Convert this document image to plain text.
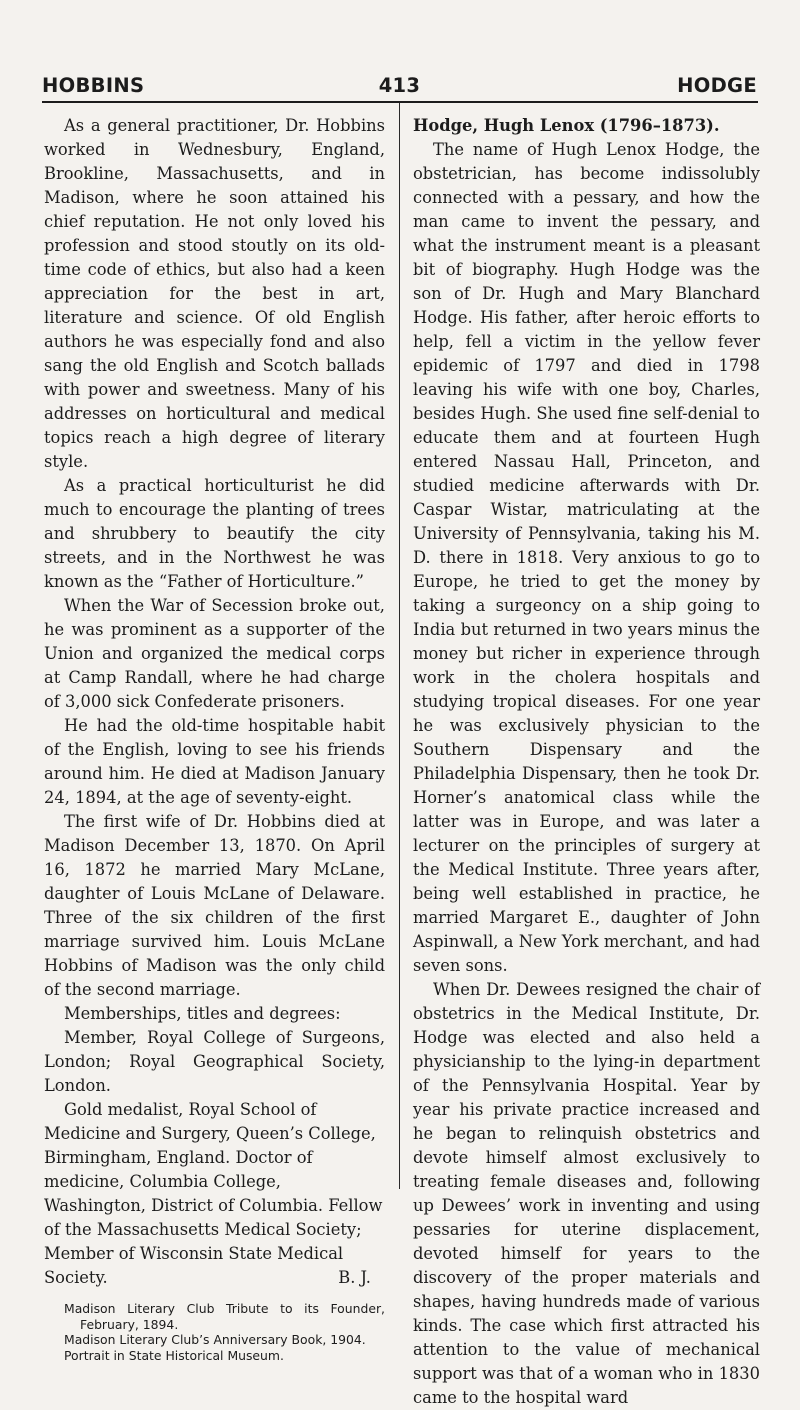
HOBBINS	413	HODGE

As a general practitioner, Dr. Hobbins worked in Wednesbury, England, Brookline, Massachusetts, and in Madison, where he soon attained his chief reputation. He not only loved his profession and stood stoutly on its old-time code of ethics, but also had a keen appreciation for the best in art, literature and science. Of old English authors he was especially fond and also sang the old English and Scotch ballads with power and sweetness. Many of his addresses on horticultural and medical topics reach a high degree of literary style.

As a practical horticulturist he did much to encourage the planting of trees and shrubbery to beautify the city streets, and in the Northwest he was known as the “Father of Horticulture.”

When the War of Secession broke out, he was prominent as a supporter of the Union and organized the medical corps at Camp Randall, where he had charge of 3,000 sick Confederate prisoners.

He had the old-time hospitable habit of the English, loving to see his friends around him. He died at Madison January 24, 1894, at the age of seventy-eight.

The first wife of Dr. Hobbins died at Madison December 13, 1870. On April 16, 1872 he married Mary McLane, daughter of Louis McLane of Delaware. Three of the six children of the first marriage survived him. Louis McLane Hobbins of Madison was the only child of the second marriage.

Memberships, titles and degrees:

Member, Royal College of Surgeons, London; Royal Geographical Society, London.

Gold medalist, Royal School of Medicine and Surgery, Queen’s College, Birmingham, England. Doctor of medicine, Columbia College, Washington, District of Columbia. Fellow of the Massachusetts Medical Society; Member of Wisconsin State Medical Society.	B. J.

Madison Literary Club Tribute to its Founder, February, 1894.

Madison Literary Club’s Anniversary Book, 1904.

Portrait in State Historical Museum.

Hodge, Hugh Lenox (1796–1873).

The name of Hugh Lenox Hodge, the obstetrician, has become indissolubly connected with a pessary, and how the man came to invent the pessary, and what the instrument meant is a pleasant bit of biography. Hugh Hodge was the son of Dr. Hugh and Mary Blanchard Hodge. His father, after heroic efforts to help, fell a victim in the yellow fever epidemic of 1797 and died in 1798 leaving his wife with one boy, Charles, besides Hugh. She used fine self-denial to educate them and at fourteen Hugh entered Nassau Hall, Princeton, and studied medicine afterwards with Dr. Caspar Wistar, matriculating at the University of Pennsylvania, taking his M. D. there in 1818. Very anxious to go to Europe, he tried to get the money by taking a surgeoncy on a ship going to India but returned in two years minus the money but richer in experience through work in the cholera hospitals and studying tropical diseases. For one year he was exclusively physician to the Southern Dispensary and the Philadelphia Dispensary, then he took Dr. Horner’s anatomical class while the latter was in Europe, and was later a lecturer on the principles of surgery at the Medical Institute. Three years after, being well established in practice, he married Margaret E., daughter of John Aspinwall, a New York merchant, and had seven sons.

When Dr. Dewees resigned the chair of obstetrics in the Medical Institute, Dr. Hodge was elected and also held a physicianship to the lying-in department of the Pennsylvania Hospital. Year by year his private practice increased and he began to relinquish obstetrics and devote himself almost exclusively to treating female diseases and, following up Dewees’ work in inventing and using pessaries for uterine displacement, devoted himself for years to the discovery of the proper materials and shapes, having hundreds made of various kinds. The case which first attracted his attention to the value of mechanical support was that of a woman who in 1830 came to the hospital ward
